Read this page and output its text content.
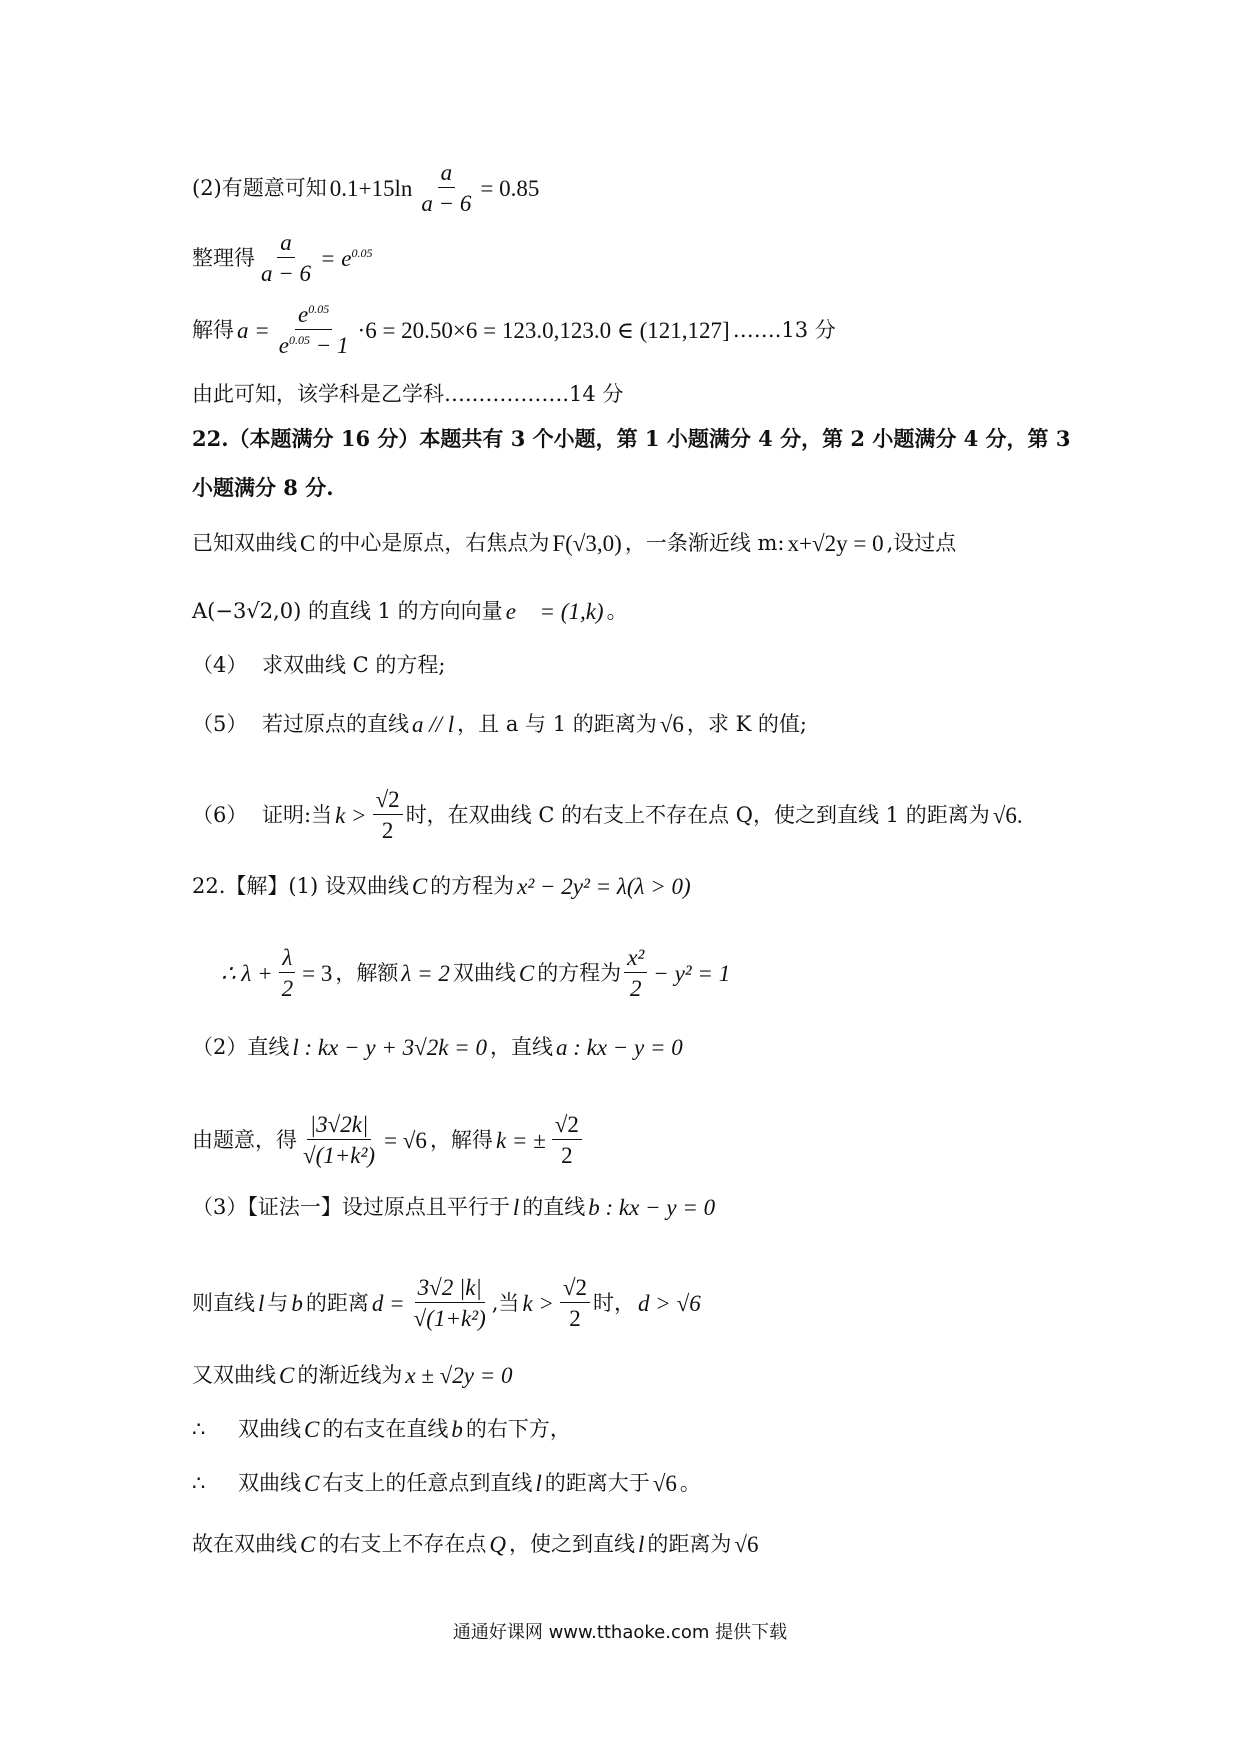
(2)有题意可知 $0.1+15\ln \frac{a}{a - 6} = 0.85$
整理得 $\frac{a}{a - 6} = e^{0.05}$
解得 $a = \frac{e^{0.05}}{e^{0.05} - 1} \cdot 6 = 20.50\times 6 = 123.0,123.0$ ∈ (121,127] …….13 分
由此可知，该学科是乙学科…..………….14 分
22.（本题满分 16 分）本题共有 3 个小题，第 1 小题满分 4 分，第 2 小题满分 4 分，第 3
小题满分 8 分.
已知双曲线 C 的中心是原点，右焦点为 F(√3,0) ，一条渐近线 m: x+√2y = 0 ,设过点
A(−3√2,0) 的直线 1 的方向向量 e⃗ = (1,k) 。
（4） 求双曲线 C 的方程;
（5） 若过原点的直线 a // l ，且 a 与 1 的距离为 √6 ，求 K 的值;
（6） 证明:当 $k > \frac{√2}{2}$ 时，在双曲线 C 的右支上不存在点 Q，使之到直线 1 的距离为 √6.
22.【解】(1) 设双曲线 C 的方程为 x² − 2y² = λ(λ > 0)
∴ $\lambda + \frac{\lambda}{2} = 3$ ，解额 λ = 2 双曲线 C 的方程为 $\frac{\text{x²}}{2} - y^2 = 1$
（2）直线 l : kx − y + 3√2k = 0 ，直线 a : kx − y = 0
由题意，得 $\frac{|3√2k|}{\text{√(1+k²)}} = √6$ ，解得 k = ± $\frac{√2}{2}$
（3）【证法一】设过原点且平行于 l 的直线 b : kx − y = 0
则直线 l 与 b 的距离 $d = \frac{3√2 |k|}{\text{√(1+k²)}}$ ,当 $k > \frac{√2}{2}$ 时， d > √6
又双曲线 C 的渐近线为 x ± √2y = 0
∴	双曲线 C 的右支在直线 b 的右下方，
∴	双曲线 C 右支上的任意点到直线 l 的距离大于 √6 。
故在双曲线 C 的右支上不存在点 Q ，使之到直线 l 的距离为 √6
通通好课网 www.tthaoke.com 提供下载
